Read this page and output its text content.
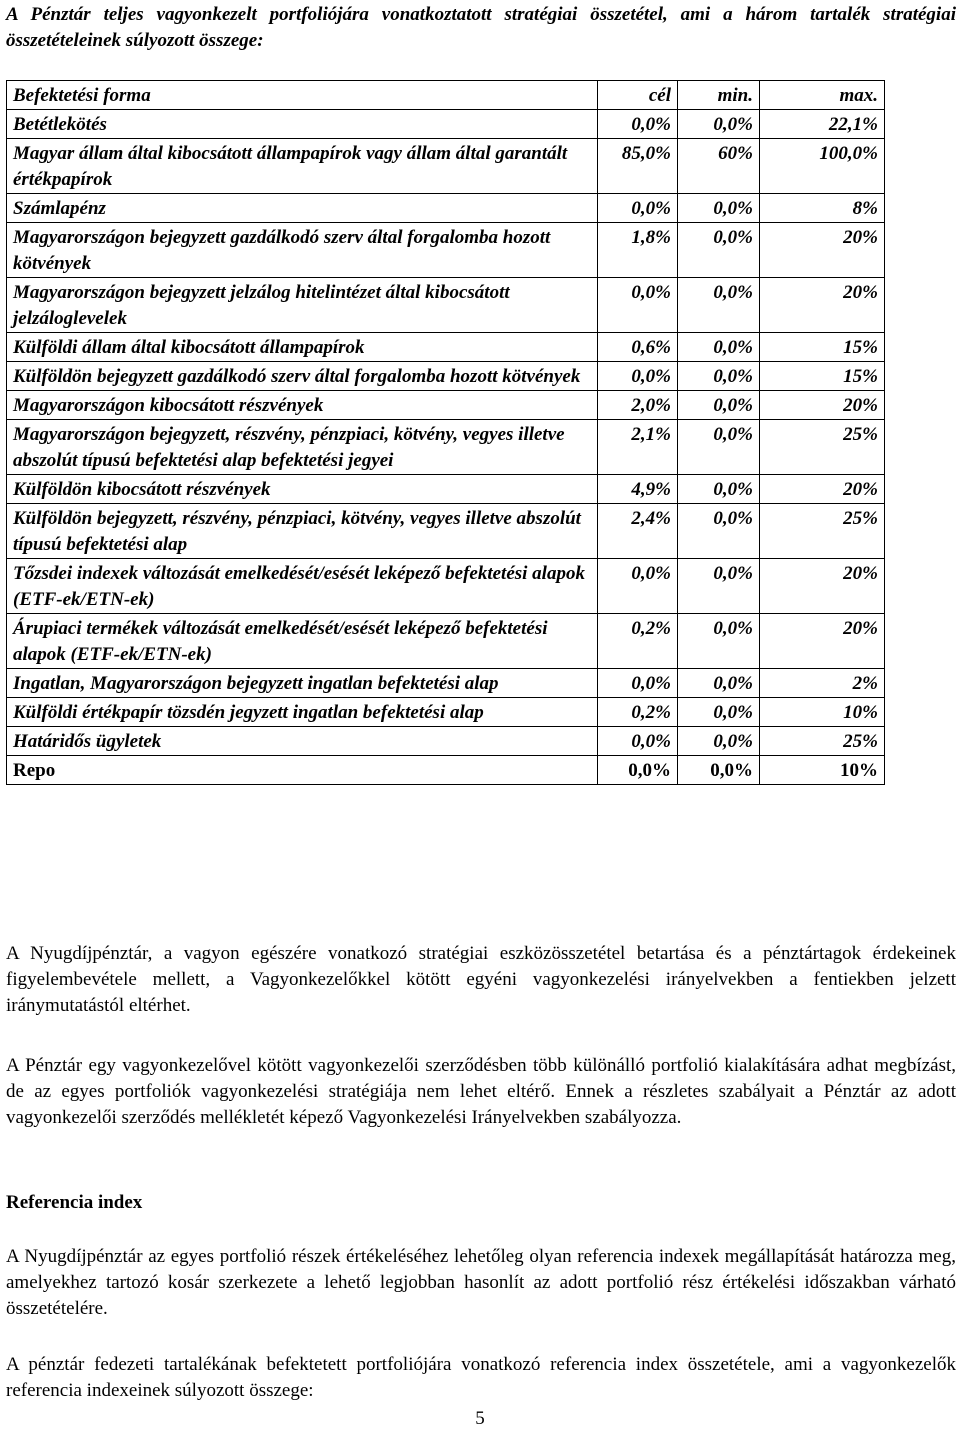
A Pénztár teljes vagyonkezelt portfoliójára vonatkoztatott stratégiai összetétel, ami a három tartalék stratégiai összetételeinek súlyozott összege:

Befektetési forma	cél	min.	max.
Betétlekötés	0,0%	0,0%	22,1%
Magyar állam által kibocsátott állampapírok vagy állam által garantált értékpapírok	85,0%	60%	100,0%
Számlapénz	0,0%	0,0%	8%
Magyarországon bejegyzett gazdálkodó szerv által forgalomba hozott kötvények	1,8%	0,0%	20%
Magyarországon bejegyzett jelzálog hitelintézet által kibocsátott jelzáloglevelek	0,0%	0,0%	20%
Külföldi állam által kibocsátott állampapírok	0,6%	0,0%	15%
Külföldön bejegyzett gazdálkodó szerv által forgalomba hozott kötvények	0,0%	0,0%	15%
Magyarországon kibocsátott részvények	2,0%	0,0%	20%
Magyarországon bejegyzett, részvény, pénzpiaci, kötvény, vegyes illetve abszolút típusú befektetési alap befektetési jegyei	2,1%	0,0%	25%
Külföldön kibocsátott részvények	4,9%	0,0%	20%
Külföldön bejegyzett, részvény, pénzpiaci, kötvény, vegyes illetve abszolút típusú befektetési alap	2,4%	0,0%	25%
Tőzsdei indexek változását emelkedését/esését leképező befektetési alapok (ETF-ek/ETN-ek)	0,0%	0,0%	20%
Árupiaci termékek változását emelkedését/esését leképező befektetési alapok (ETF-ek/ETN-ek)	0,2%	0,0%	20%
Ingatlan, Magyarországon bejegyzett ingatlan befektetési alap	0,0%	0,0%	2%
Külföldi értékpapír tözsdén jegyzett ingatlan befektetési alap	0,2%	0,0%	10%
Határidős ügyletek	0,0%	0,0%	25%
Repo	0,0%	0,0%	10%

A Nyugdíjpénztár, a vagyon egészére vonatkozó stratégiai eszközösszetétel betartása és a pénztártagok érdekeinek figyelembevétele mellett, a Vagyonkezelőkkel kötött egyéni vagyonkezelési irányelvekben a fentiekben jelzett iránymutatástól eltérhet.

A Pénztár egy vagyonkezelővel kötött vagyonkezelői szerződésben több különálló portfolió kialakítására adhat megbízást, de az egyes portfoliók vagyonkezelési stratégiája nem lehet eltérő. Ennek a részletes szabályait a Pénztár az adott vagyonkezelői szerződés mellékletét képező Vagyonkezelési Irányelvekben szabályozza.

Referencia index

A Nyugdíjpénztár az egyes portfolió részek értékeléséhez lehetőleg olyan referencia indexek megállapítását határozza meg, amelyekhez tartozó kosár szerkezete a lehető legjobban hasonlít az adott portfolió rész értékelési időszakban várható összetételére.

A pénztár fedezeti tartalékának befektetett portfoliójára vonatkozó referencia index összetétele, ami a vagyonkezelők referencia indexeinek súlyozott összege:

5
